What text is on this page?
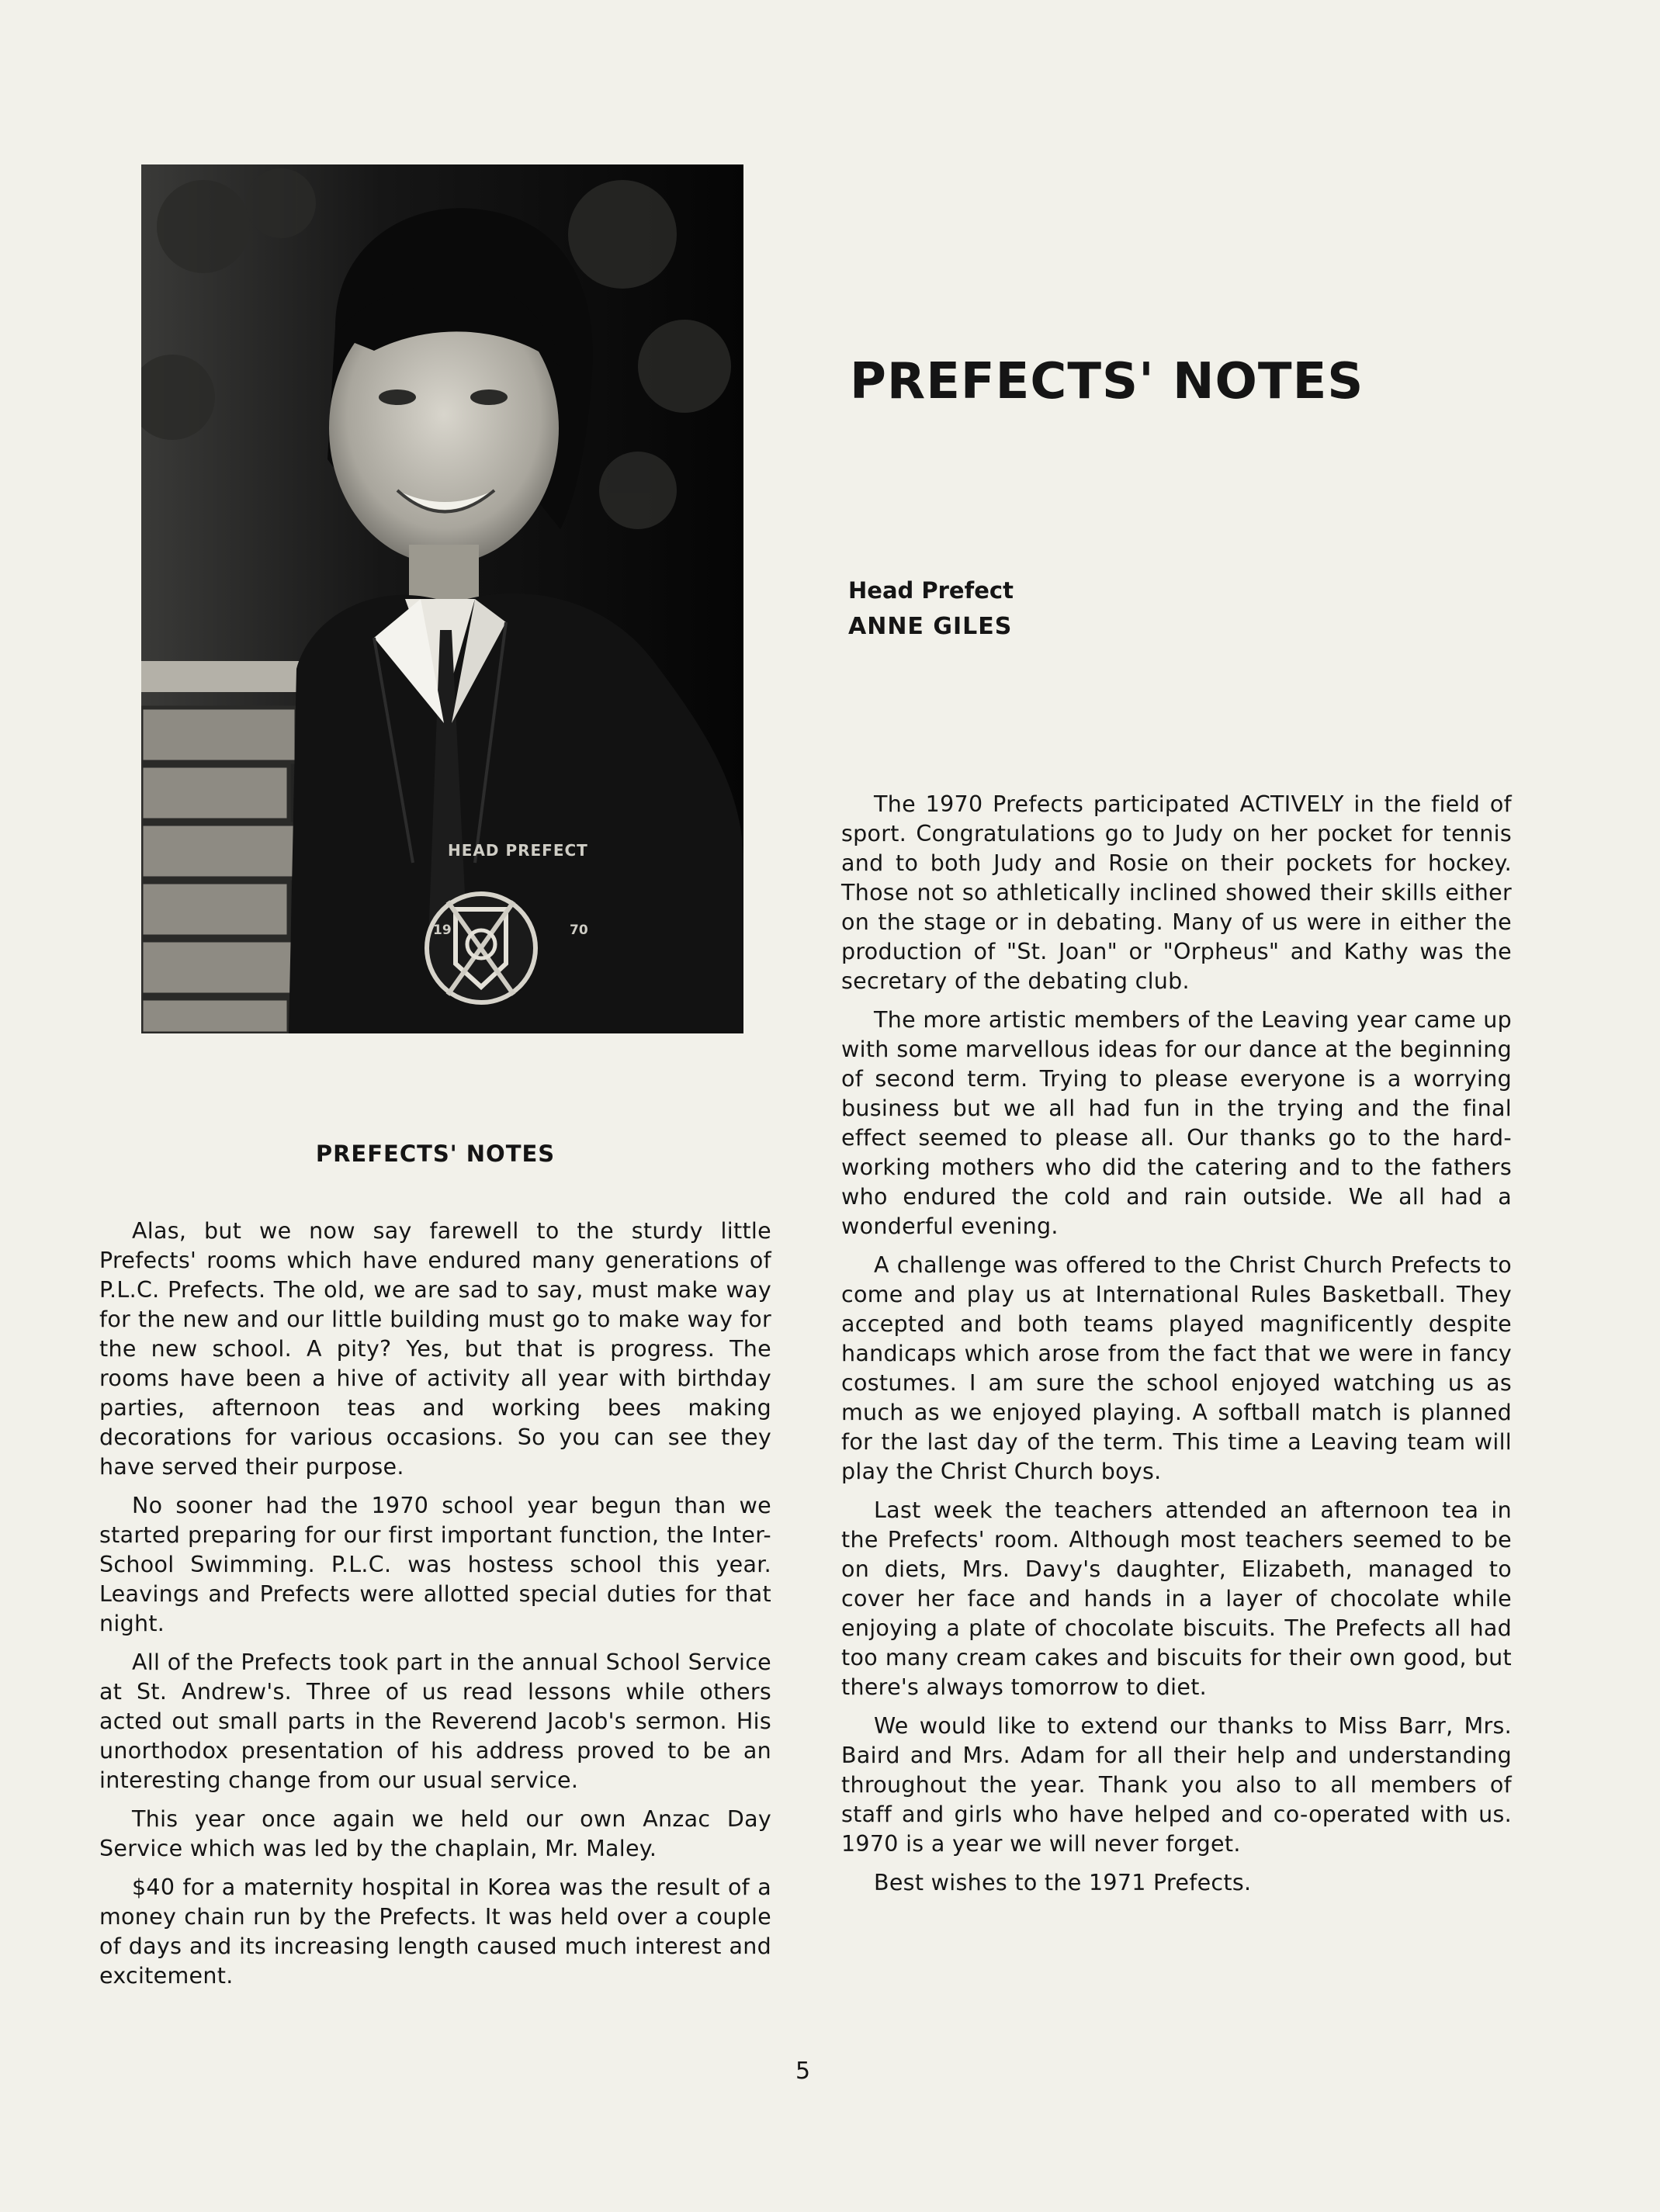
HEAD PREFECT
19	70
PREFECTS' NOTES
Head Prefect
ANNE GILES
PREFECTS' NOTES

Alas, but we now say farewell to the sturdy little Prefects' rooms which have endured many generations of P.L.C. Prefects. The old, we are sad to say, must make way for the new and our little building must go to make way for the new school. A pity? Yes, but that is progress. The rooms have been a hive of activity all year with birthday parties, afternoon teas and working bees making decorations for various occasions. So you can see they have served their purpose.

No sooner had the 1970 school year begun than we started preparing for our first important function, the Inter-School Swimming. P.L.C. was hostess school this year. Leavings and Prefects were allotted special duties for that night.

All of the Prefects took part in the annual School Service at St. Andrew's. Three of us read lessons while others acted out small parts in the Reverend Jacob's sermon. His unorthodox presentation of his address proved to be an interesting change from our usual service.

This year once again we held our own Anzac Day Service which was led by the chaplain, Mr. Maley.

$40 for a maternity hospital in Korea was the result of a money chain run by the Prefects. It was held over a couple of days and its increasing length caused much interest and excitement.

The 1970 Prefects participated ACTIVELY in the field of sport. Congratulations go to Judy on her pocket for tennis and to both Judy and Rosie on their pockets for hockey. Those not so athletically inclined showed their skills either on the stage or in debating. Many of us were in either the production of "St. Joan" or "Orpheus" and Kathy was the secretary of the debating club.

The more artistic members of the Leaving year came up with some marvellous ideas for our dance at the beginning of second term. Trying to please everyone is a worrying business but we all had fun in the trying and the final effect seemed to please all. Our thanks go to the hard-working mothers who did the catering and to the fathers who endured the cold and rain outside. We all had a wonderful evening.

A challenge was offered to the Christ Church Prefects to come and play us at International Rules Basketball. They accepted and both teams played magnificently despite handicaps which arose from the fact that we were in fancy costumes. I am sure the school enjoyed watching us as much as we enjoyed playing. A softball match is planned for the last day of the term. This time a Leaving team will play the Christ Church boys.

Last week the teachers attended an afternoon tea in the Prefects' room. Although most teachers seemed to be on diets, Mrs. Davy's daughter, Elizabeth, managed to cover her face and hands in a layer of chocolate while enjoying a plate of chocolate biscuits. The Prefects all had too many cream cakes and biscuits for their own good, but there's always tomorrow to diet.

We would like to extend our thanks to Miss Barr, Mrs. Baird and Mrs. Adam for all their help and understanding throughout the year. Thank you also to all members of staff and girls who have helped and co-operated with us. 1970 is a year we will never forget.

Best wishes to the 1971 Prefects.

5
